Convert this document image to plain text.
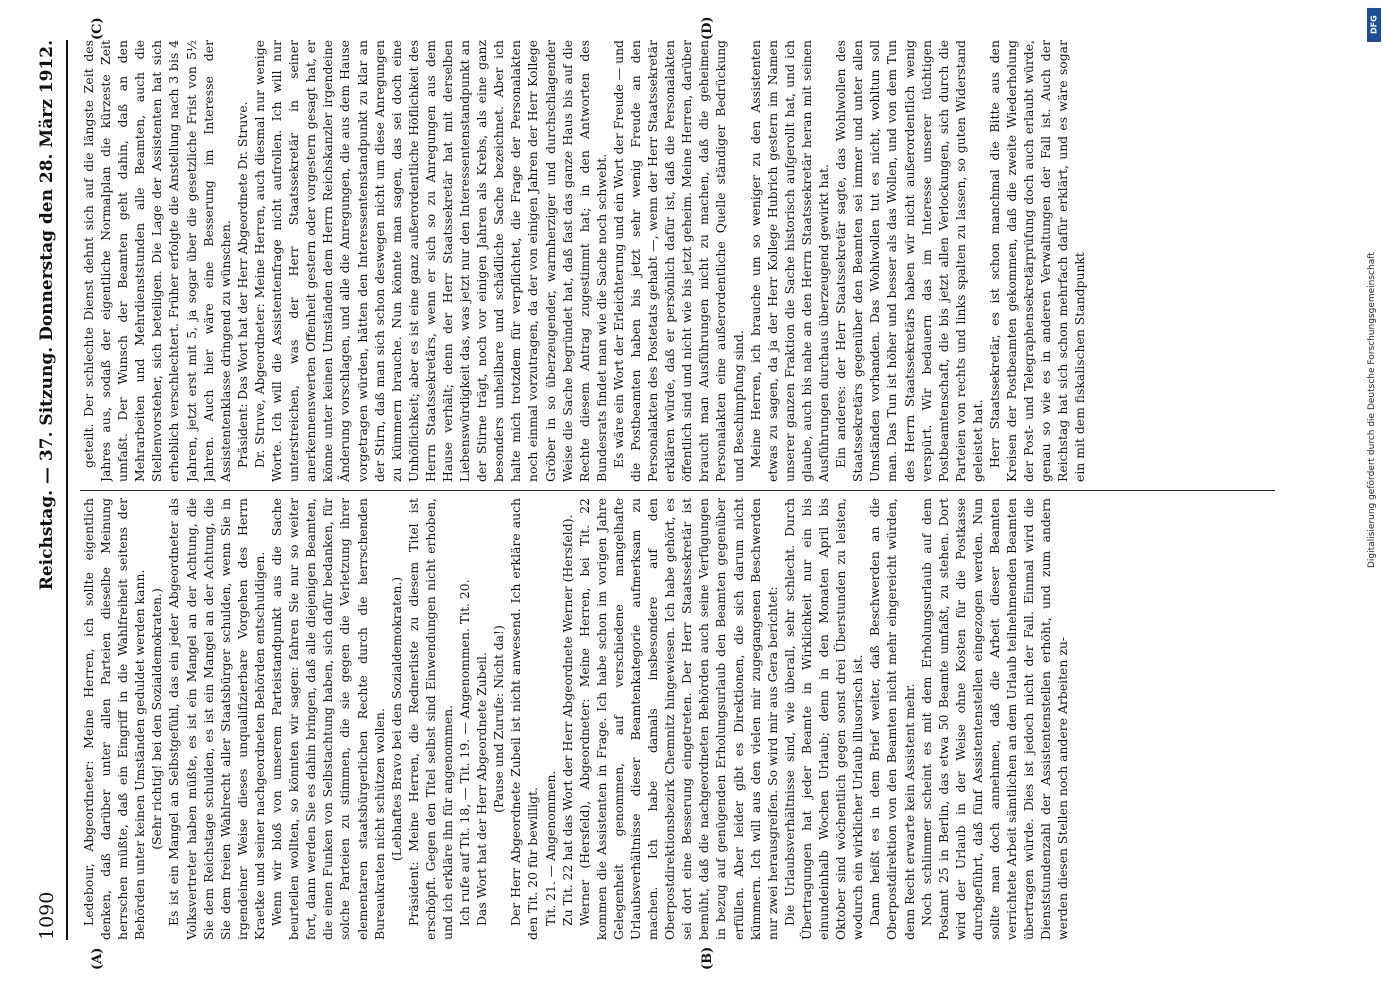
1090
Reichstag. — 37. Sitzung. Donnerstag den 28. März 1912.

Ledebour, Abgeordneter: Meine Herren, ich sollte eigentlich denken, daß darüber unter allen Parteien dieselbe Meinung herrschen müßte, daß ein Eingriff in die Wahlfreiheit seitens der Behörden unter keinen Umständen geduldet werden kann. (Sehr richtig! bei den Sozialdemokraten.) Es ist ein Mangel an Selbstgefühl, das ein jeder Abgeordneter als Volksvertreter haben müßte, es ist ein Mangel an der Achtung, die Sie dem Reichstage schulden, es ist ein Mangel an der Achtung, die Sie dem freien Wahlrecht aller Staatsbürger schulden, wenn Sie in irgendeiner Weise dieses unqualifizierbare Vorgehen des Herrn Kraetke und seiner nachgeordneten Behörden entschuldigen. Wenn wir bloß von unserem Parteistandpunkt aus die Sache beurteilen wollten, so könnten wir sagen: fahren Sie nur so weiter fort, dann werden Sie es dahin bringen, daß alle diejenigen Beamten, die einen Funken von Selbstachtung haben, sich dafür bedanken, für solche Parteien zu stimmen, die sie gegen die Verletzung ihrer elementaren staatsbürgerlichen Rechte durch die herrschenden Bureaukraten nicht schützen wollen. (Lebhaftes Bravo bei den Sozialdemokraten.) Präsident: Meine Herren, die Rednerliste zu diesem Titel ist erschöpft. Gegen den Titel selbst sind Einwendungen nicht erhoben, und ich erkläre ihn für angenommen. Ich rufe auf Tit. 18, — Tit. 19. — Angenommen. Tit. 20. Das Wort hat der Herr Abgeordnete Zubeil. (Pause und Zurufe: Nicht da!) Der Herr Abgeordnete Zubeil ist nicht anwesend. Ich erkläre auch den Tit. 20 für bewilligt. Tit. 21. — Angenommen. Zu Tit. 22 hat das Wort der Herr Abgeordnete Werner (Hersfeld). Werner (Hersfeld), Abgeordneter: Meine Herren, bei Tit. 22 kommen die Assistenten in Frage. Ich habe schon im vorigen Jahre Gelegenheit genommen, auf verschiedene mangelhafte Urlaubsverhältnisse dieser Beamtenkategorie aufmerksam zu machen. Ich habe damals insbesondere auf den Oberpostdirektionsbezirk Chemnitz hingewiesen. Ich habe gehört, es sei dort eine Besserung eingetreten. Der Herr Staatssekretär ist bemüht, daß die nachgeordneten Behörden auch seine Verfügungen in bezug auf genügenden Erholungsurlaub den Beamten gegenüber erfüllen. Aber leider gibt es Direktionen, die sich darum nicht kümmern. Ich will aus den vielen mir zugegangenen Beschwerden nur zwei herausgreifen. So wird mir aus Gera berichtet: Die Urlaubsverhältnisse sind, wie überall, sehr schlecht. Durch Übertragungen hat jeder Beamte in Wirklichkeit nur ein bis einundeinhalb Wochen Urlaub; denn in den Monaten April bis Oktober sind wöchentlich gegen sonst drei Überstunden zu leisten, wodurch ein wirklicher Urlaub illusorisch ist. Dann heißt es in dem Brief weiter, daß Beschwerden an die Oberpostdirektion von den Beamten nicht mehr eingereicht würden, denn Recht erwarte kein Assistent mehr. Noch schlimmer scheint es mit dem Erholungsurlaub auf dem Postamt 25 in Berlin, das etwa 50 Beamte umfaßt, zu stehen. Dort wird der Urlaub in der Weise ohne Kosten für die Postkasse durchgeführt, daß fünf Assistentenstellen eingezogen werden. Nun sollte man doch annehmen, daß die Arbeit dieser Beamten verrichtete Arbeit sämtlichen an dem Urlaub teilnehmenden Beamten übertragen würde. Dies ist jedoch nicht der Fall. Einmal wird die Dienststundenzahl der Assistentenstellen erhöht, und zum andern werden diesen Stellen noch andere Arbeiten zu-

geteilt. Der schlechte Dienst dehnt sich auf die längste Zeit des Jahres aus, sodaß der eigentliche Normalplan die kürzeste Zeit umfaßt. Der Wunsch der Beamten geht dahin, daß an den Mehrarbeiten und Mehrdienststunden alle Beamten, auch die Stellenvorsteher, sich beteiligen. Die Lage der Assistenten hat sich erheblich verschlechtert. Früher erfolgte die Anstellung nach 3 bis 4 Jahren, jetzt erst mit 5, ja sogar über die gesetzliche Frist von 5½ Jahren. Auch hier wäre eine Besserung im Interesse der Assistentenklasse dringend zu wünschen. Präsident: Das Wort hat der Herr Abgeordnete Dr. Struve. Dr. Struve, Abgeordneter: Meine Herren, auch diesmal nur wenige Worte. Ich will die Assistentenfrage nicht aufrollen. Ich will nur unterstreichen, was der Herr Staatssekretär in seiner anerkennenswerten Offenheit gestern oder vorgestern gesagt hat, er könne unter keinen Umständen dem Herrn Reichskanzler irgendeine Änderung vorschlagen, und alle die Anregungen, die aus dem Hause vorgetragen würden, hätten den Interessentenstandpunkt zu klar an der Stirn, daß man sich schon deswegen nicht um diese Anregungen zu kümmern brauche. Nun könnte man sagen, das sei doch eine Unhöflichkeit; aber es ist eine ganz außerordentliche Höflichkeit des Herrn Staatssekretärs, wenn er sich so zu Anregungen aus dem Hause verhält; denn der Herr Staatssekretär hat mit derselben Liebenswürdigkeit das, was jetzt nur den Interessentenstandpunkt an der Stirne trägt, noch vor einigen Jahren als Krebs, als eine ganz besonders unheilbare und schädliche Sache bezeichnet. Aber ich halte mich trotzdem für verpflichtet, die Frage der Personalakten noch einmal vorzutragen, da der von einigen Jahren der Herr Kollege Gröber in so überzeugender, warmherziger und durchschlagender Weise die Sache begründet hat, daß fast das ganze Haus bis auf die Rechte diesem Antrag zugestimmt hat; in den Antworten des Bundesrats findet man wie die Sache noch schwebt. Es wäre ein Wort der Erleichterung und ein Wort der Freude — und die Postbeamten haben bis jetzt sehr wenig Freude an den Personalakten des Postetats gehabt —, wenn der Herr Staatssekretär erklären würde, daß er persönlich dafür ist, daß die Personalakten öffentlich sind und nicht wie bis jetzt geheim. Meine Herren, darüber braucht man Ausführungen nicht zu machen, daß die geheimen Personalakten eine außerordentliche Quelle ständiger Bedrückung und Beschimpfung sind. Meine Herren, ich brauche um so weniger zu den Assistenten etwas zu sagen, da ja der Herr Kollege Hubrich gestern im Namen unserer ganzen Fraktion die Sache historisch aufgerollt hat, und ich glaube, auch bis nahe an den Herrn Staatssekretär heran mit seinen Ausführungen durchaus überzeugend gewirkt hat. Ein anderes: der Herr Staatssekretär sagte, das Wohlwollen des Staatssekretärs gegenüber den Beamten sei immer und unter allen Umständen vorhanden. Das Wohlwollen tut es nicht, wohltun soll man. Das Tun ist höher und besser als das Wollen, und von dem Tun des Herrn Staatssekretärs haben wir nicht außerordentlich wenig verspürt. Wir bedauern das im Interesse unserer tüchtigen Postbeamtenschaft, die bis jetzt allen Verlockungen, sich durch die Parteien von rechts und links spalten zu lassen, so guten Widerstand geleistet hat. Herr Staatssekretär, es ist schon manchmal die Bitte aus den Kreisen der Postbeamten gekommen, daß die zweite Wiederholung der Post- und Telegraphensekretärprüfung doch auch erlaubt würde, genau so wie es in anderen Verwaltungen der Fall ist. Auch der Reichstag hat sich schon mehrfach dafür erklärt, und es wäre sogar ein mit dem fiskalischen Standpunkt

(A)	(B)
(C)	(D)	DFG
Digitalisierung gefördert durch die Deutsche Forschungsgemeinschaft
